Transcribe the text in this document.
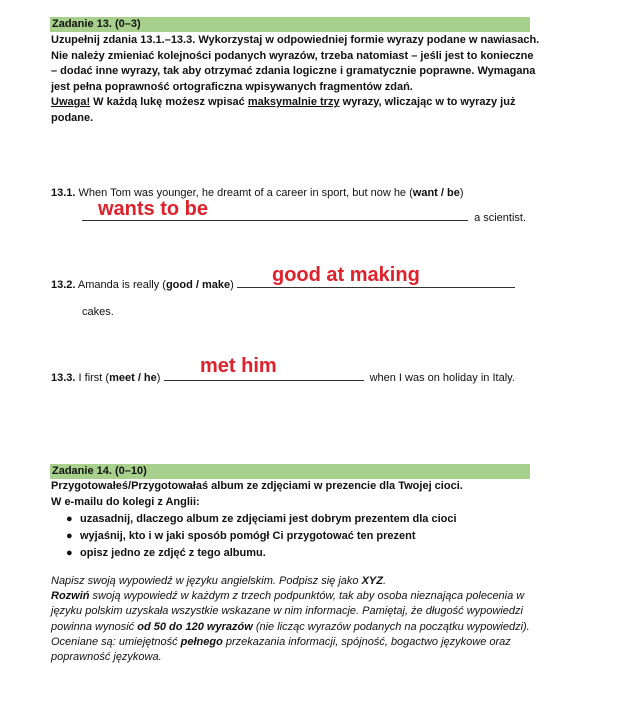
Zadanie 13. (0–3)
Uzupełnij zdania 13.1.–13.3. Wykorzystaj w odpowiedniej formie wyrazy podane w nawiasach. Nie należy zmieniać kolejności podanych wyrazów, trzeba natomiast – jeśli jest to konieczne – dodać inne wyrazy, tak aby otrzymać zdania logiczne i gramatycznie poprawne. Wymagana jest pełna poprawność ortograficzna wpisywanych fragmentów zdań.
Uwaga! W każdą lukę możesz wpisać maksymalnie trzy wyrazy, wliczając w to wyrazy już podane.
13.1. When Tom was younger, he dreamt of a career in sport, but now he (want / be)
wants to be	a scientist.
13.2. Amanda is really (good / make)	good at making
cakes.
13.3. I first (meet / he)	when I was on holiday in Italy.
met him
Zadanie 14. (0–10)
Przygotowałeś/Przygotowałaś album ze zdjęciami w prezencie dla Twojej cioci.
W e-mailu do kolegi z Anglii:
● uzasadnij, dlaczego album ze zdjęciami jest dobrym prezentem dla cioci
● wyjaśnij, kto i w jaki sposób pomógł Ci przygotować ten prezent
● opisz jedno ze zdjęć z tego albumu.
Napisz swoją wypowiedź w języku angielskim. Podpisz się jako XYZ.
Rozwiń swoją wypowiedź w każdym z trzech podpunktów, tak aby osoba nieznająca polecenia w języku polskim uzyskała wszystkie wskazane w nim informacje. Pamiętaj, że długość wypowiedzi powinna wynosić od 50 do 120 wyrazów (nie licząc wyrazów podanych na początku wypowiedzi). Oceniane są: umiejętność pełnego przekazania informacji, spójność, bogactwo językowe oraz poprawność językowa.
